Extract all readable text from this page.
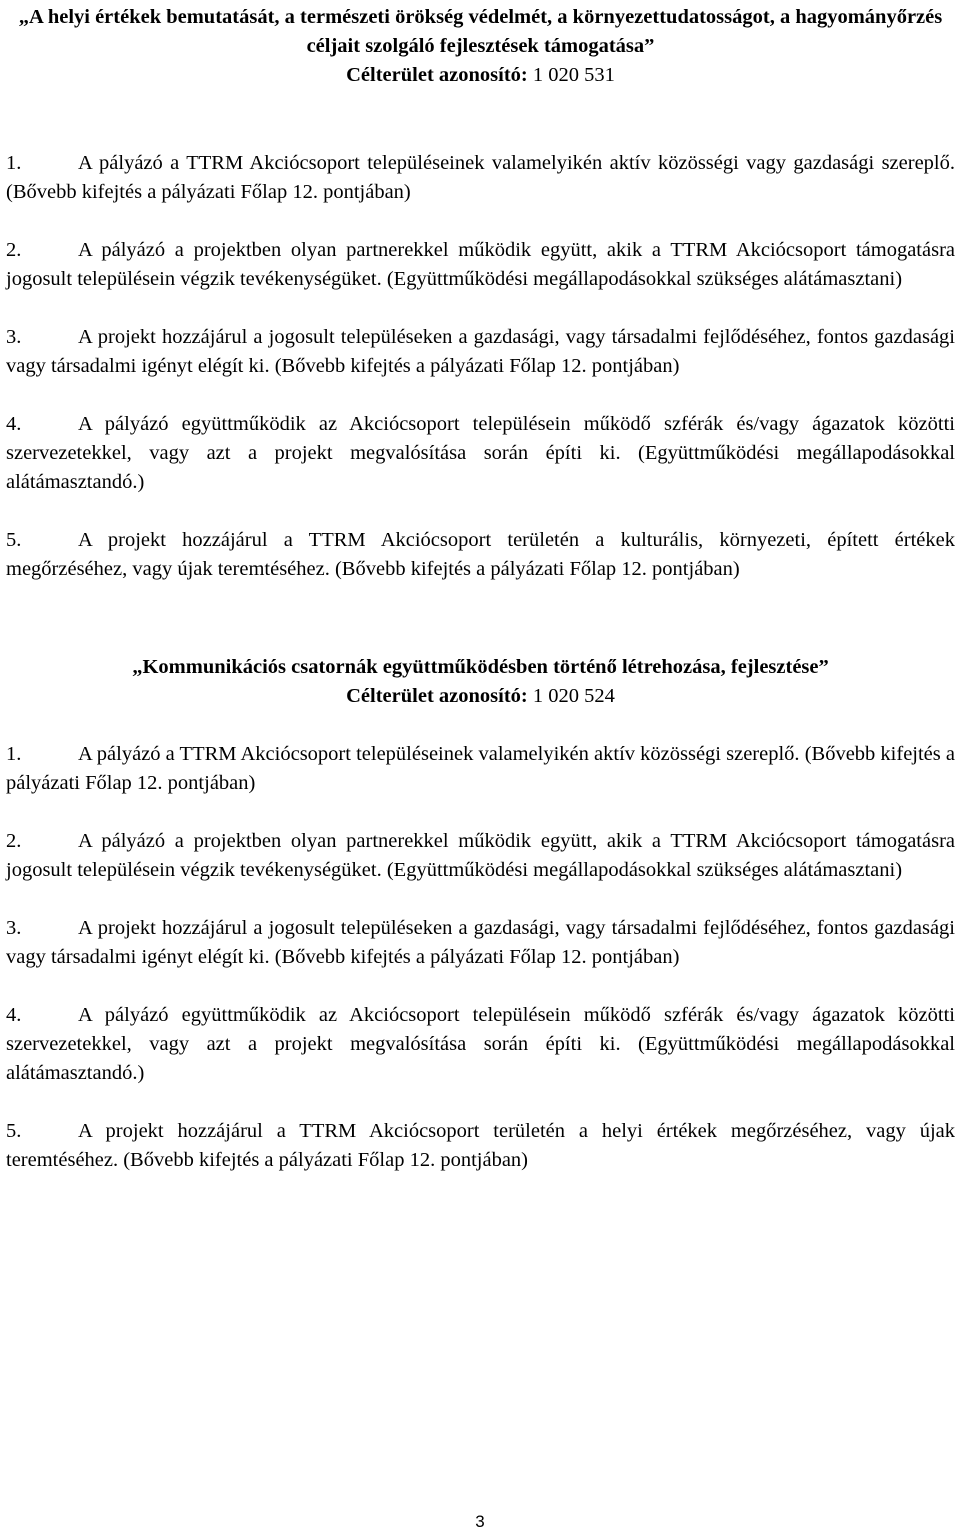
„A helyi értékek bemutatását, a természeti örökség védelmét, a környezettudatosságot, a hagyományőrzés céljait szolgáló fejlesztések támogatása”
Célterület azonosító: 1 020 531

1.	A pályázó a TTRM Akciócsoport településeinek valamelyikén aktív közösségi vagy gazdasági szereplő. (Bővebb kifejtés a pályázati Főlap 12. pontjában)

2.	A pályázó a projektben olyan partnerekkel működik együtt, akik a TTRM Akciócsoport támogatásra jogosult településein végzik tevékenységüket. (Együttműködési megállapodásokkal szükséges alátámasztani)

3.	A projekt hozzájárul a jogosult településeken a gazdasági, vagy társadalmi fejlődéséhez, fontos gazdasági vagy társadalmi igényt elégít ki. (Bővebb kifejtés a pályázati Főlap 12. pontjában)

4.	A pályázó együttműködik az Akciócsoport településein működő szférák és/vagy ágazatok közötti szervezetekkel, vagy azt a projekt megvalósítása során építi ki. (Együttműködési megállapodásokkal alátámasztandó.)

5.	A projekt hozzájárul a TTRM Akciócsoport területén a kulturális, környezeti, épített értékek megőrzéséhez, vagy újak teremtéséhez. (Bővebb kifejtés a pályázati Főlap 12. pontjában)

„Kommunikációs csatornák együttműködésben történő létrehozása, fejlesztése”
Célterület azonosító: 1 020 524

1.	A pályázó a TTRM Akciócsoport településeinek valamelyikén aktív közösségi szereplő. (Bővebb kifejtés a pályázati Főlap 12. pontjában)

2.	A pályázó a projektben olyan partnerekkel működik együtt, akik a TTRM Akciócsoport támogatásra jogosult településein végzik tevékenységüket. (Együttműködési megállapodásokkal szükséges alátámasztani)

3.	A projekt hozzájárul a jogosult településeken a gazdasági, vagy társadalmi fejlődéséhez, fontos gazdasági vagy társadalmi igényt elégít ki. (Bővebb kifejtés a pályázati Főlap 12. pontjában)

4.	A pályázó együttműködik az Akciócsoport településein működő szférák és/vagy ágazatok közötti szervezetekkel, vagy azt a projekt megvalósítása során építi ki. (Együttműködési megállapodásokkal alátámasztandó.)

5.	A projekt hozzájárul a TTRM Akciócsoport területén a helyi értékek megőrzéséhez, vagy újak teremtéséhez. (Bővebb kifejtés a pályázati Főlap 12. pontjában)

3
